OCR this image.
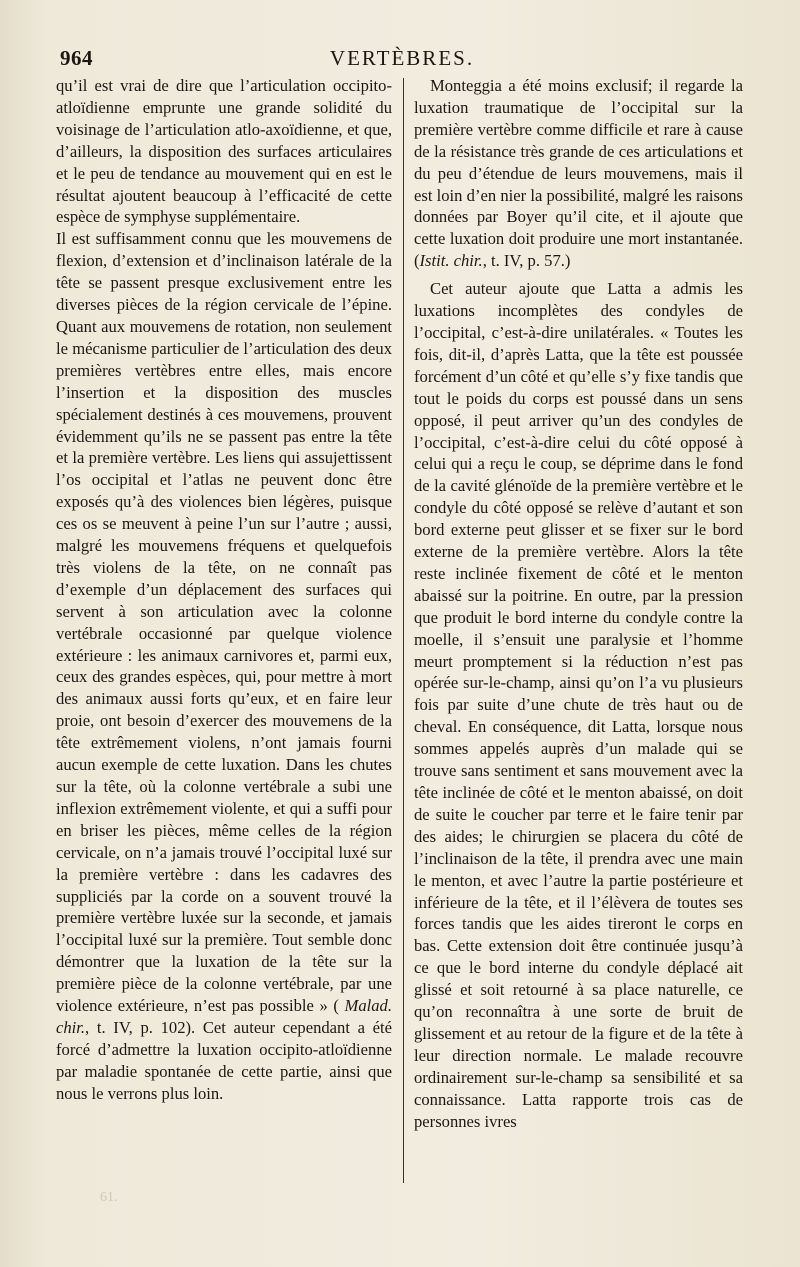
964	VERTÈBRES.

qu’il est vrai de dire que l’articulation occipito-atloïdienne emprunte une grande solidité du voisinage de l’articulation atlo-axoïdienne, et que, d’ailleurs, la disposition des surfaces articulaires et le peu de tendance au mouvement qui en est le résultat ajoutent beaucoup à l’efficacité de cette espèce de symphyse supplémentaire.

Il est suffisamment connu que les mouvemens de flexion, d’extension et d’inclinaison latérale de la tête se passent presque exclusivement entre les diverses pièces de la région cervicale de l’épine. Quant aux mouvemens de rotation, non seulement le mécanisme particulier de l’articulation des deux premières vertèbres entre elles, mais encore l’insertion et la disposition des muscles spécialement destinés à ces mouvemens, prouvent évidemment qu’ils ne se passent pas entre la tête et la première vertèbre. Les liens qui assujettissent l’os occipital et l’atlas ne peuvent donc être exposés qu’à des violences bien légères, puisque ces os se meuvent à peine l’un sur l’autre ; aussi, malgré les mouvemens fréquens et quelquefois très violens de la tête, on ne connaît pas d’exemple d’un déplacement des surfaces qui servent à son articulation avec la colonne vertébrale occasionné par quelque violence extérieure : les animaux carnivores et, parmi eux, ceux des grandes espèces, qui, pour mettre à mort des animaux aussi forts qu’eux, et en faire leur proie, ont besoin d’exercer des mouvemens de la tête extrêmement violens, n’ont jamais fourni aucun exemple de cette luxation. Dans les chutes sur la tête, où la colonne vertébrale a subi une inflexion extrêmement violente, et qui a suffi pour en briser les pièces, même celles de la région cervicale, on n’a jamais trouvé l’occipital luxé sur la première vertèbre : dans les cadavres des suppliciés par la corde on a souvent trouvé la première vertèbre luxée sur la seconde, et jamais l’occipital luxé sur la première. Tout semble donc démontrer que la luxation de la tête sur la première pièce de la colonne vertébrale, par une violence extérieure, n’est pas possible » ( Malad. chir., t. IV, p. 102). Cet auteur cependant a été forcé d’admettre la luxation occipito-atloïdienne par maladie spontanée de cette partie, ainsi que nous le verrons plus loin.

Monteggia a été moins exclusif; il regarde la luxation traumatique de l’occipital sur la première vertèbre comme difficile et rare à cause de la résistance très grande de ces articulations et du peu d’étendue de leurs mouvemens, mais il est loin d’en nier la possibilité, malgré les raisons données par Boyer qu’il cite, et il ajoute que cette luxation doit produire une mort instantanée. (Istit. chir., t. IV, p. 57.)

Cet auteur ajoute que Latta a admis les luxations incomplètes des condyles de l’occipital, c’est-à-dire unilatérales. « Toutes les fois, dit-il, d’après Latta, que la tête est poussée forcément d’un côté et qu’elle s’y fixe tandis que tout le poids du corps est poussé dans un sens opposé, il peut arriver qu’un des condyles de l’occipital, c’est-à-dire celui du côté opposé à celui qui a reçu le coup, se déprime dans le fond de la cavité glénoïde de la première vertèbre et le condyle du côté opposé se relève d’autant et son bord externe peut glisser et se fixer sur le bord externe de la première vertèbre. Alors la tête reste inclinée fixement de côté et le menton abaissé sur la poitrine. En outre, par la pression que produit le bord interne du condyle contre la moelle, il s’ensuit une paralysie et l’homme meurt promptement si la réduction n’est pas opérée sur-le-champ, ainsi qu’on l’a vu plusieurs fois par suite d’une chute de très haut ou de cheval. En conséquence, dit Latta, lorsque nous sommes appelés auprès d’un malade qui se trouve sans sentiment et sans mouvement avec la tête inclinée de côté et le menton abaissé, on doit de suite le coucher par terre et le faire tenir par des aides; le chirurgien se placera du côté de l’inclinaison de la tête, il prendra avec une main le menton, et avec l’autre la partie postérieure et inférieure de la tête, et il l’élèvera de toutes ses forces tandis que les aides tireront le corps en bas. Cette extension doit être continuée jusqu’à ce que le bord interne du condyle déplacé ait glissé et soit retourné à sa place naturelle, ce qu’on reconnaîtra à une sorte de bruit de glissement et au retour de la figure et de la tête à leur direction normale. Le malade recouvre ordinairement sur-le-champ sa sensibilité et sa connaissance. Latta rapporte trois cas de personnes ivres

61.
